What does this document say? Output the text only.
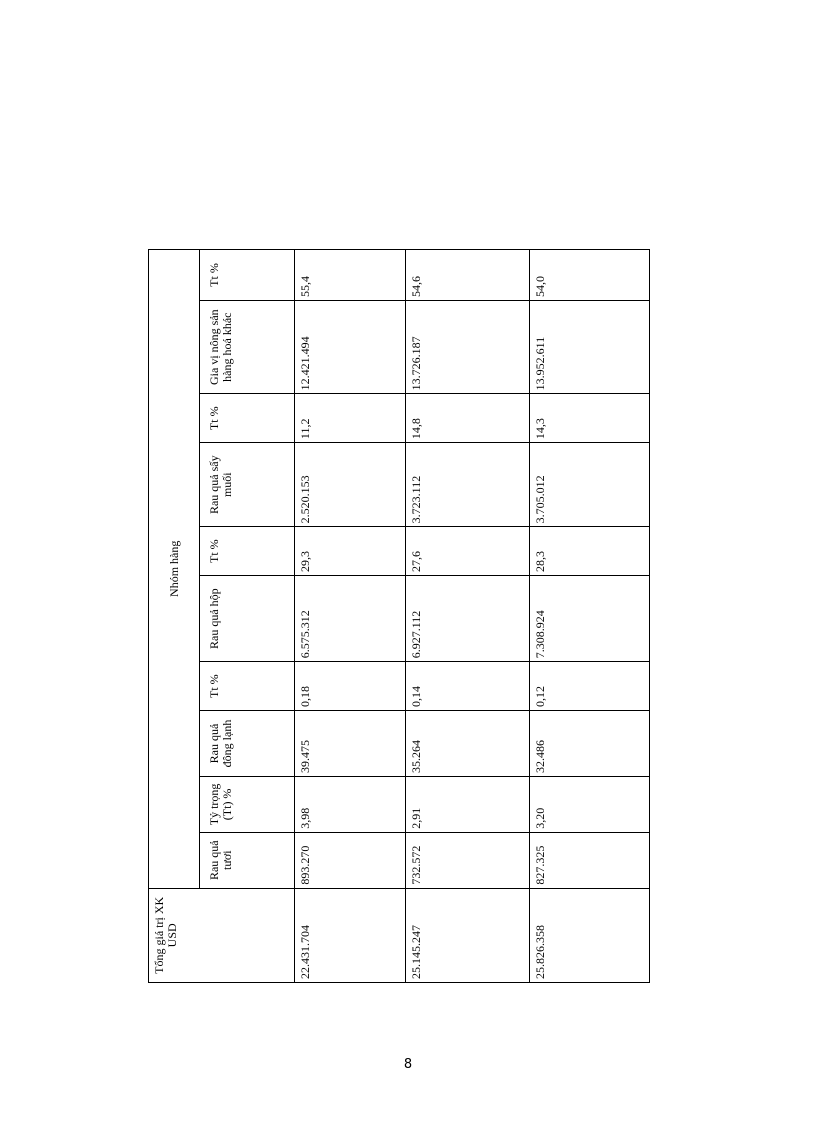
Tổng giá trị XK USD	Nhóm hàng									
	Rau quả tươi	Tỷ trọng (Tt) %	Rau quả đông lạnh	Tt %	Rau quả hộp	Tt %	Rau quả sấy muối	Tt %	Gia vị nông sản hàng hoá khác	Tt %
22.431.704	893.270	3,98	39.475	0,18	6.575.312	29,3	2.520.153	11,2	12.421.494	55,4
25.145.247	732.572	2,91	35.264	0,14	6.927.112	27,6	3.723.112	14,8	13.726.187	54,6
25.826.358	827.325	3,20	32.486	0,12	7.308.924	28,3	3.705.012	14,3	13.952.611	54,0
8
